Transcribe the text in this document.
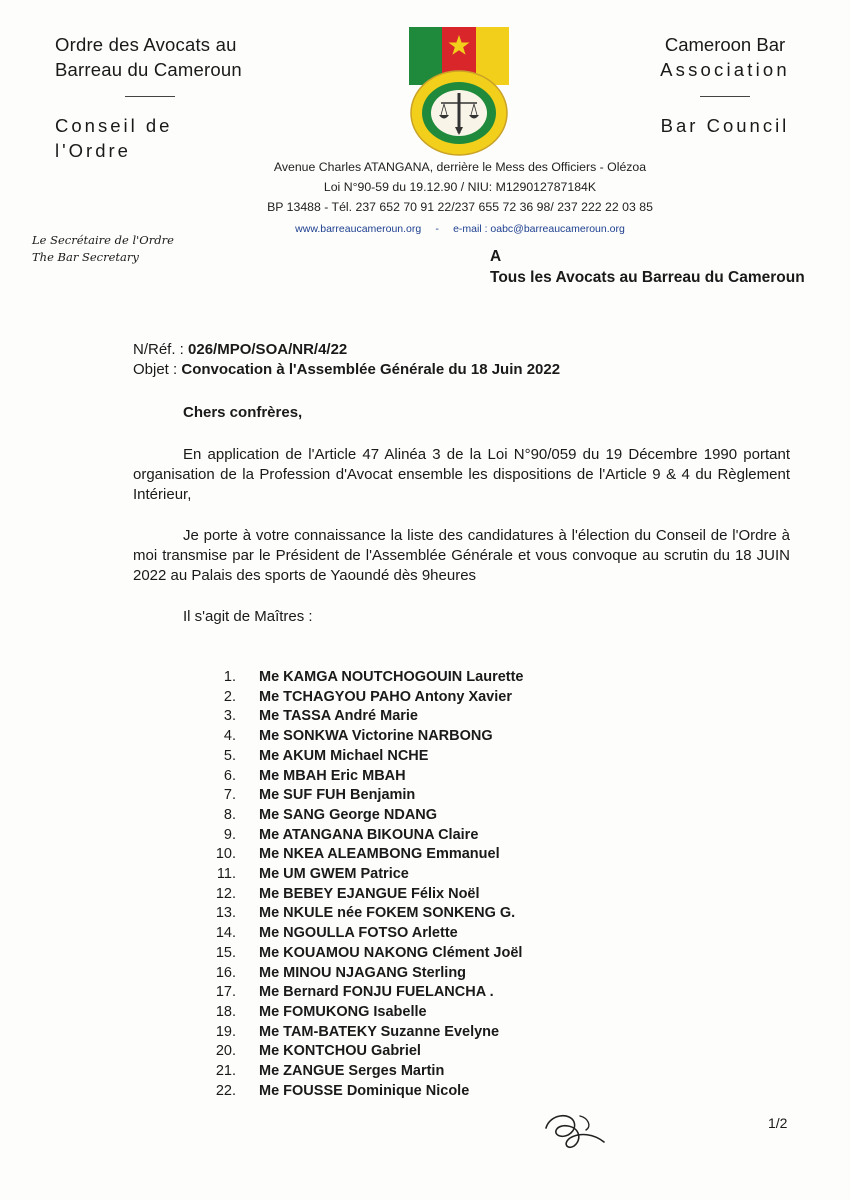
Ordre des Avocats au
Barreau du Cameroun
Conseil de l'Ordre
Cameroon Bar
Association
Bar Council
Avenue Charles ATANGANA, derrière le Mess des Officiers - Olézoa
Loi N°90-59 du 19.12.90 / NIU: M129012787184K
BP 13488 - Tél. 237 652 70 91 22/237 655 72 36 98/ 237 222 22 03 85
www.barreaucameroun.org - e-mail : oabc@barreaucameroun.org
Le Secrétaire de l'Ordre
The Bar Secretary	A
Tous les Avocats au Barreau du Cameroun

N/Réf. : 026/MPO/SOA/NR/4/22

Objet : Convocation à l'Assemblée Générale du 18 Juin 2022

Chers confrères,

En application de l'Article 47 Alinéa 3 de la Loi N°90/059 du 19 Décembre 1990 portant organisation de la Profession d'Avocat ensemble les dispositions de l'Article 9 & 4 du Règlement Intérieur,

Je porte à votre connaissance la liste des candidatures à l'élection du Conseil de l'Ordre à moi transmise par le Président de l'Assemblée Générale et vous convoque au scrutin du 18 JUIN 2022 au Palais des sports de Yaoundé dès 9heures

Il s'agit de Maîtres :

1. Me KAMGA NOUTCHOGOUIN Laurette
2. Me TCHAGYOU PAHO Antony Xavier
3. Me TASSA André Marie
4. Me SONKWA Victorine NARBONG
5. Me AKUM Michael NCHE
6. Me MBAH Eric MBAH
7. Me SUF FUH Benjamin
8. Me SANG George NDANG
9. Me ATANGANA BIKOUNA Claire
10. Me NKEA ALEAMBONG Emmanuel
11. Me UM GWEM Patrice
12. Me BEBEY EJANGUE Félix Noël
13. Me NKULE née FOKEM SONKENG G.
14. Me NGOULLA FOTSO Arlette
15. Me KOUAMOU NAKONG Clément Joël
16. Me MINOU NJAGANG Sterling
17. Me Bernard FONJU FUELANCHA .
18. Me FOMUKONG Isabelle
19. Me TAM-BATEKY Suzanne Evelyne
20. Me KONTCHOU Gabriel
21. Me ZANGUE Serges Martin
22. Me FOUSSE Dominique Nicole
1/2
